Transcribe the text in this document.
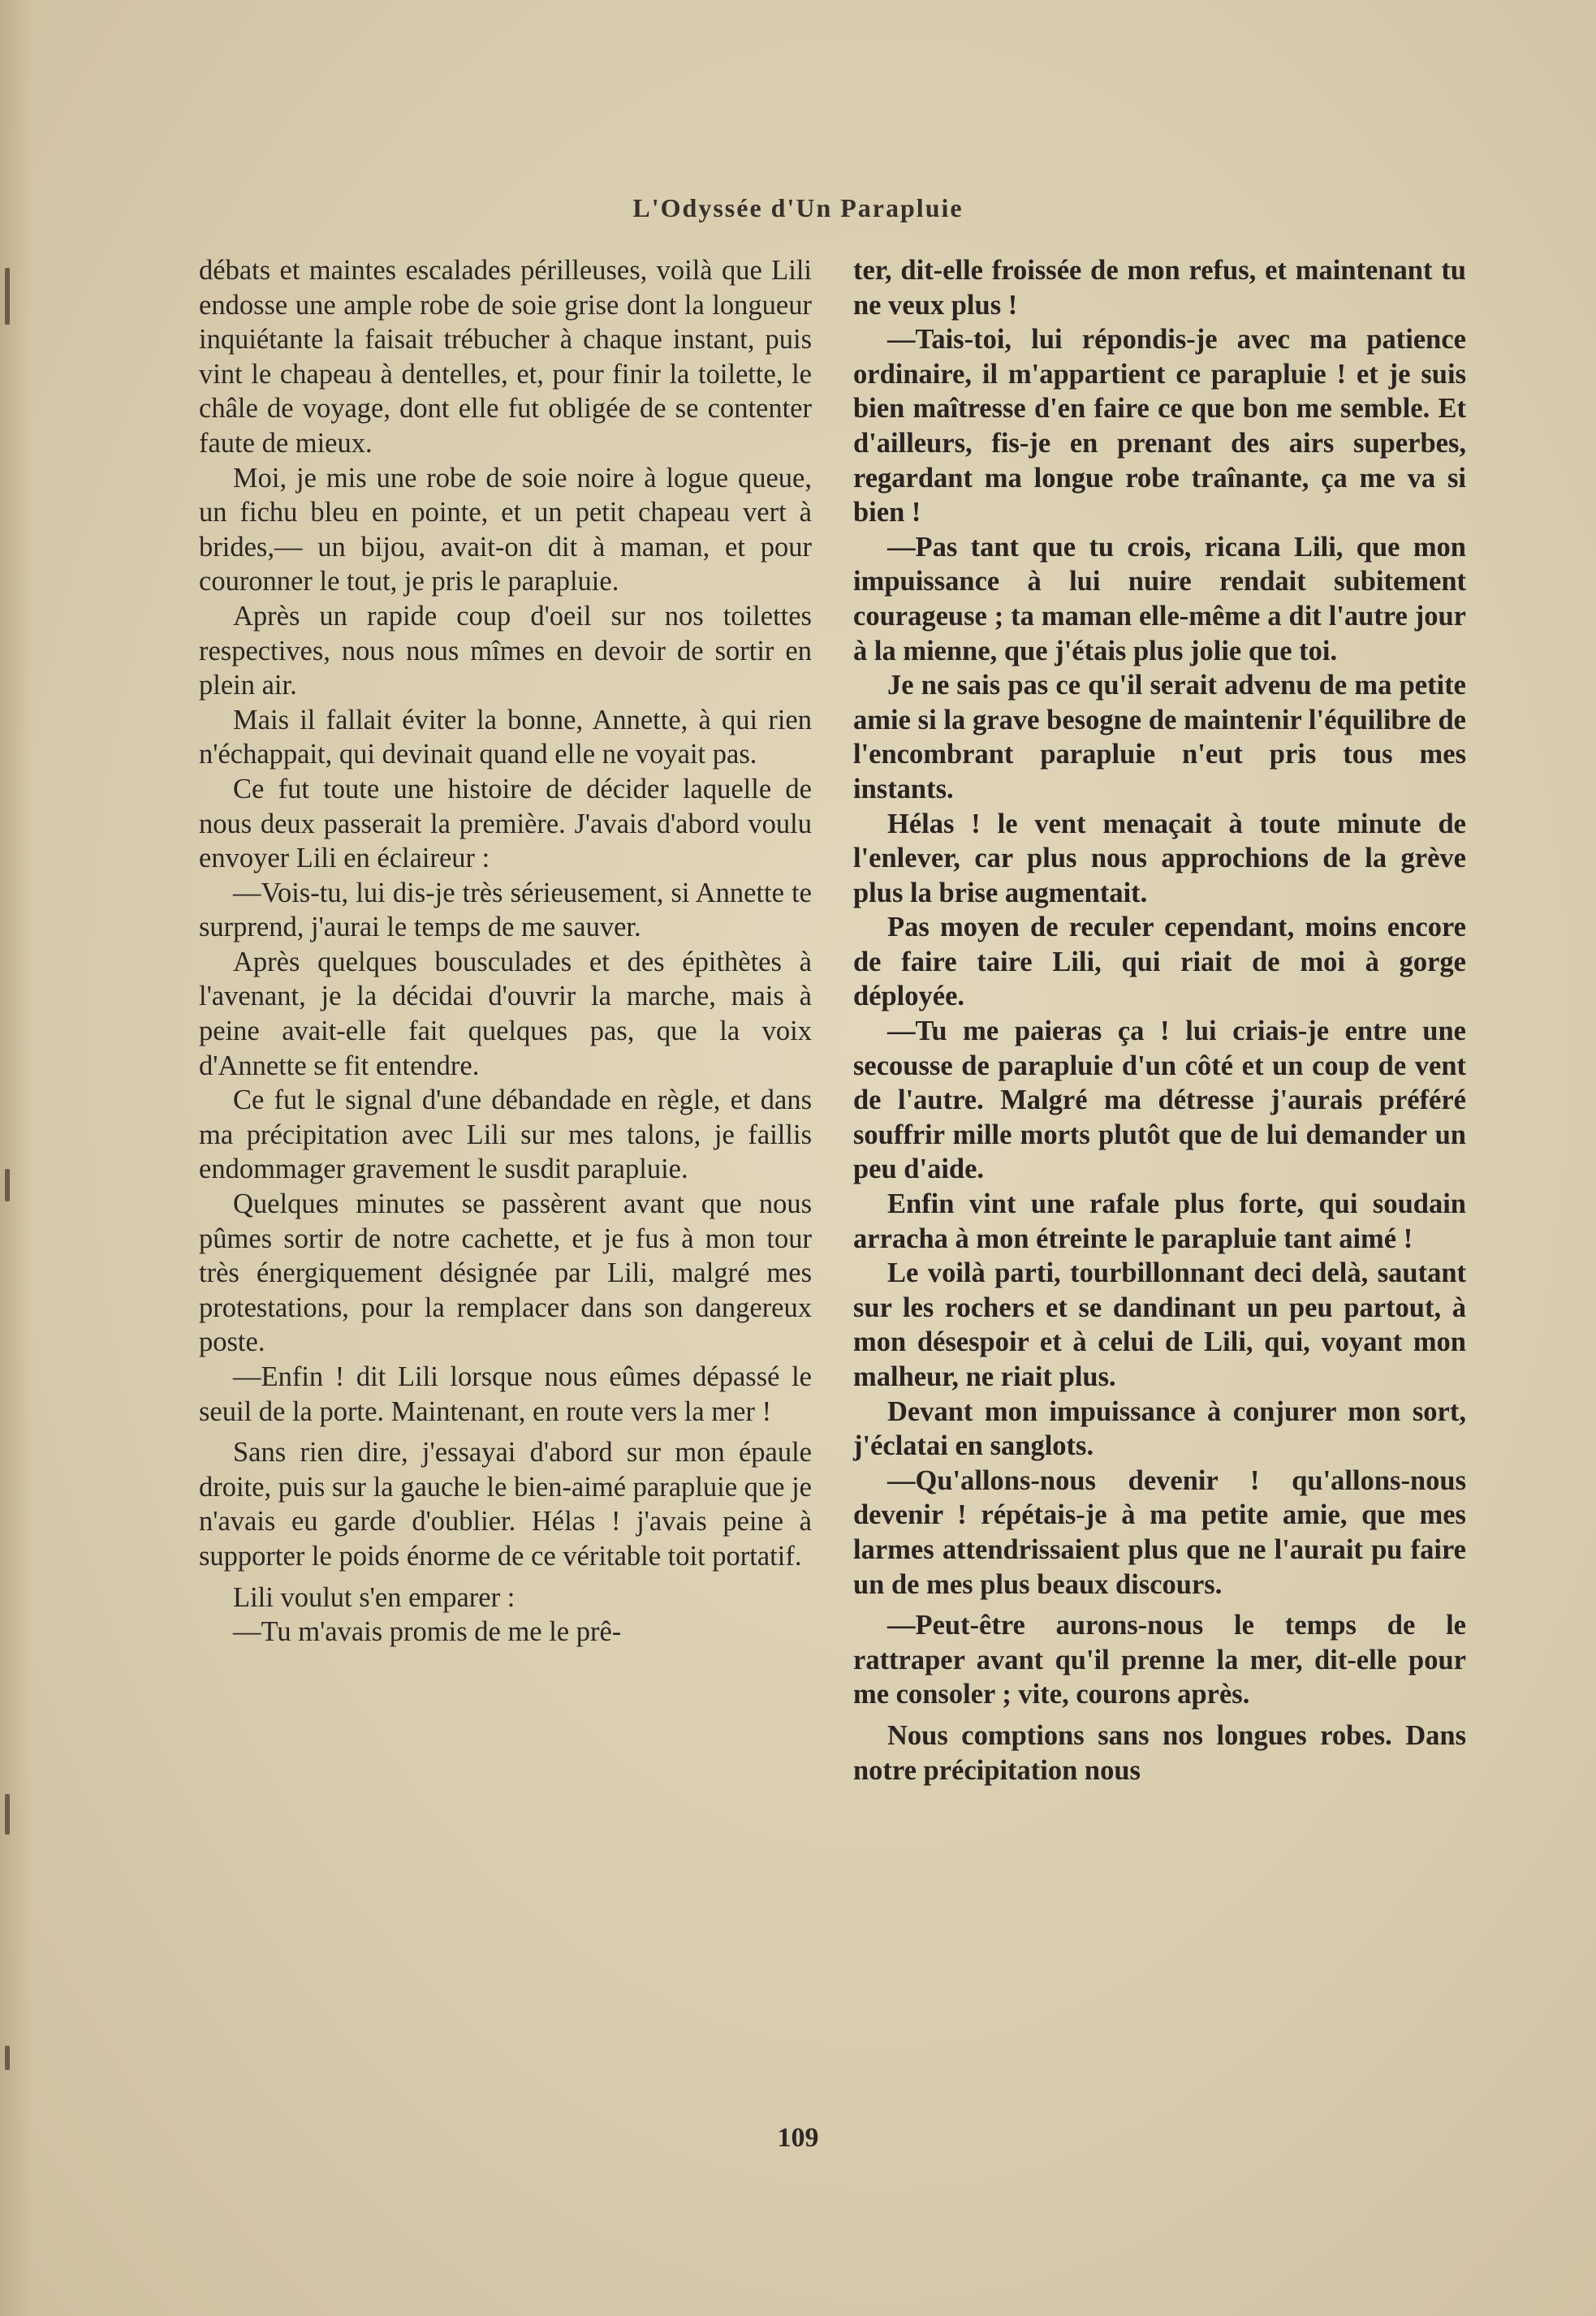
L'Odyssée d'Un Parapluie

débats et maintes escalades périlleuses, voilà que Lili endosse une ample robe de soie grise dont la longueur inquiétante la faisait trébucher à chaque instant, puis vint le chapeau à dentelles, et, pour finir la toilette, le châle de voyage, dont elle fut obligée de se contenter faute de mieux.

Moi, je mis une robe de soie noire à logue queue, un fichu bleu en pointe, et un petit chapeau vert à brides,— un bijou, avait-on dit à maman, et pour couronner le tout, je pris le parapluie.

Après un rapide coup d'oeil sur nos toilettes respectives, nous nous mîmes en devoir de sortir en plein air.

Mais il fallait éviter la bonne, Annette, à qui rien n'échappait, qui devinait quand elle ne voyait pas.

Ce fut toute une histoire de décider laquelle de nous deux passerait la première. J'avais d'abord voulu envoyer Lili en éclaireur :

—Vois-tu, lui dis-je très sérieusement, si Annette te surprend, j'aurai le temps de me sauver.

Après quelques bousculades et des épithètes à l'avenant, je la décidai d'ouvrir la marche, mais à peine avait-elle fait quelques pas, que la voix d'Annette se fit entendre.

Ce fut le signal d'une débandade en règle, et dans ma précipitation avec Lili sur mes talons, je faillis endommager gravement le susdit parapluie.

Quelques minutes se passèrent avant que nous pûmes sortir de notre cachette, et je fus à mon tour très énergiquement désignée par Lili, malgré mes protestations, pour la remplacer dans son dangereux poste.

—Enfin ! dit Lili lorsque nous eûmes dépassé le seuil de la porte. Maintenant, en route vers la mer !

Sans rien dire, j'essayai d'abord sur mon épaule droite, puis sur la gauche le bien-aimé parapluie que je n'avais eu garde d'oublier. Hélas ! j'avais peine à supporter le poids énorme de ce véritable toit portatif.

Lili voulut s'en emparer :

—Tu m'avais promis de me le prê-

ter, dit-elle froissée de mon refus, et maintenant tu ne veux plus !

—Tais-toi, lui répondis-je avec ma patience ordinaire, il m'appartient ce parapluie ! et je suis bien maîtresse d'en faire ce que bon me semble. Et d'ailleurs, fis-je en prenant des airs superbes, regardant ma longue robe traînante, ça me va si bien !

—Pas tant que tu crois, ricana Lili, que mon impuissance à lui nuire rendait subitement courageuse ; ta maman elle-même a dit l'autre jour à la mienne, que j'étais plus jolie que toi.

Je ne sais pas ce qu'il serait advenu de ma petite amie si la grave besogne de maintenir l'équilibre de l'encombrant parapluie n'eut pris tous mes instants.

Hélas ! le vent menaçait à toute minute de l'enlever, car plus nous approchions de la grève plus la brise augmentait.

Pas moyen de reculer cependant, moins encore de faire taire Lili, qui riait de moi à gorge déployée.

—Tu me paieras ça ! lui criais-je entre une secousse de parapluie d'un côté et un coup de vent de l'autre. Malgré ma détresse j'aurais préféré souffrir mille morts plutôt que de lui demander un peu d'aide.

Enfin vint une rafale plus forte, qui soudain arracha à mon étreinte le parapluie tant aimé !

Le voilà parti, tourbillonnant deci delà, sautant sur les rochers et se dandinant un peu partout, à mon désespoir et à celui de Lili, qui, voyant mon malheur, ne riait plus.

Devant mon impuissance à conjurer mon sort, j'éclatai en sanglots.

—Qu'allons-nous devenir ! qu'allons-nous devenir ! répétais-je à ma petite amie, que mes larmes attendrissaient plus que ne l'aurait pu faire un de mes plus beaux discours.

—Peut-être aurons-nous le temps de le rattraper avant qu'il prenne la mer, dit-elle pour me consoler ; vite, courons après.

Nous comptions sans nos longues robes. Dans notre précipitation nous

109
